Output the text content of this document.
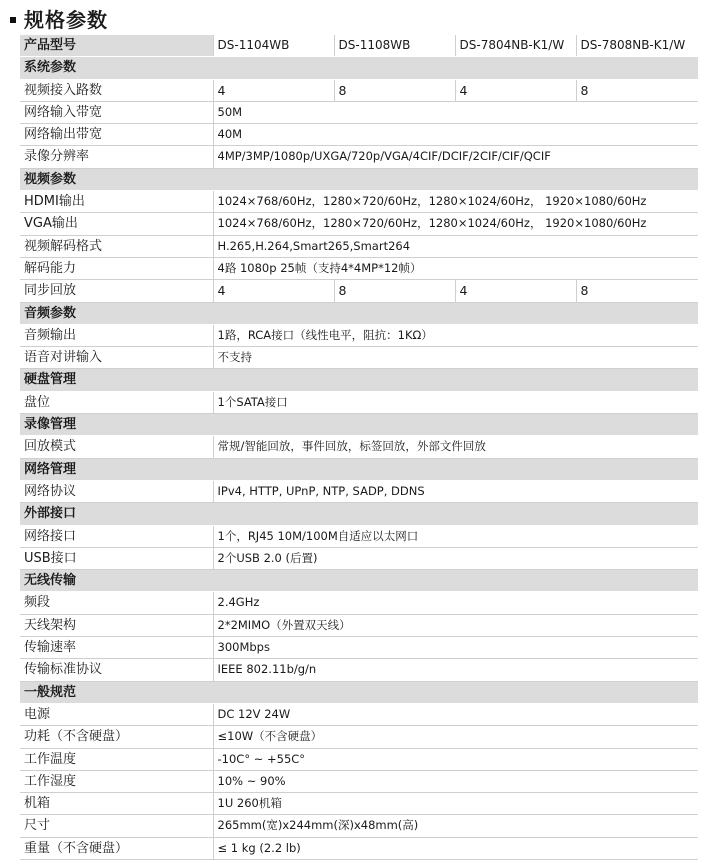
规格参数
产品型号	DS-1104WB	DS-1108WB	DS-7804NB-K1/W	DS-7808NB-K1/W
系统参数				
视频接入路数	4	8	4	8
网络输入带宽	50M			
网络输出带宽	40M			
录像分辨率	4MP/3MP/1080p/UXGA/720p/VGA/4CIF/DCIF/2CIF/CIF/QCIF			
视频参数				
HDMI输出	1024×768/60Hz，1280×720/60Hz，1280×1024/60Hz， 1920×1080/60Hz			
VGA输出	1024×768/60Hz，1280×720/60Hz，1280×1024/60Hz， 1920×1080/60Hz			
视频解码格式	H.265,H.264,Smart265,Smart264			
解码能力	4路 1080p 25帧（支持4*4MP*12帧）			
同步回放	4	8	4	8
音频参数				
音频输出	1路，RCA接口（线性电平，阻抗：1KΩ）			
语音对讲输入	不支持			
硬盘管理				
盘位	1个SATA接口			
录像管理				
回放模式	常规/智能回放，事件回放，标签回放，外部文件回放			
网络管理				
网络协议	IPv4, HTTP, UPnP, NTP, SADP, DDNS			
外部接口				
网络接口	1个，RJ45 10M/100M自适应以太网口			
USB接口	2个USB 2.0 (后置)			
无线传输				
频段	2.4GHz			
天线架构	2*2MIMO（外置双天线）			
传输速率	300Mbps			
传输标准协议	IEEE 802.11b/g/n			
一般规范				
电源	DC 12V 24W			
功耗（不含硬盘）	≤10W（不含硬盘）			
工作温度	-10C° ~ +55C°			
工作湿度	10% ~ 90%			
机箱	1U 260机箱			
尺寸	265mm(宽)x244mm(深)x48mm(高)			
重量（不含硬盘）	≤ 1 kg (2.2 lb)			
